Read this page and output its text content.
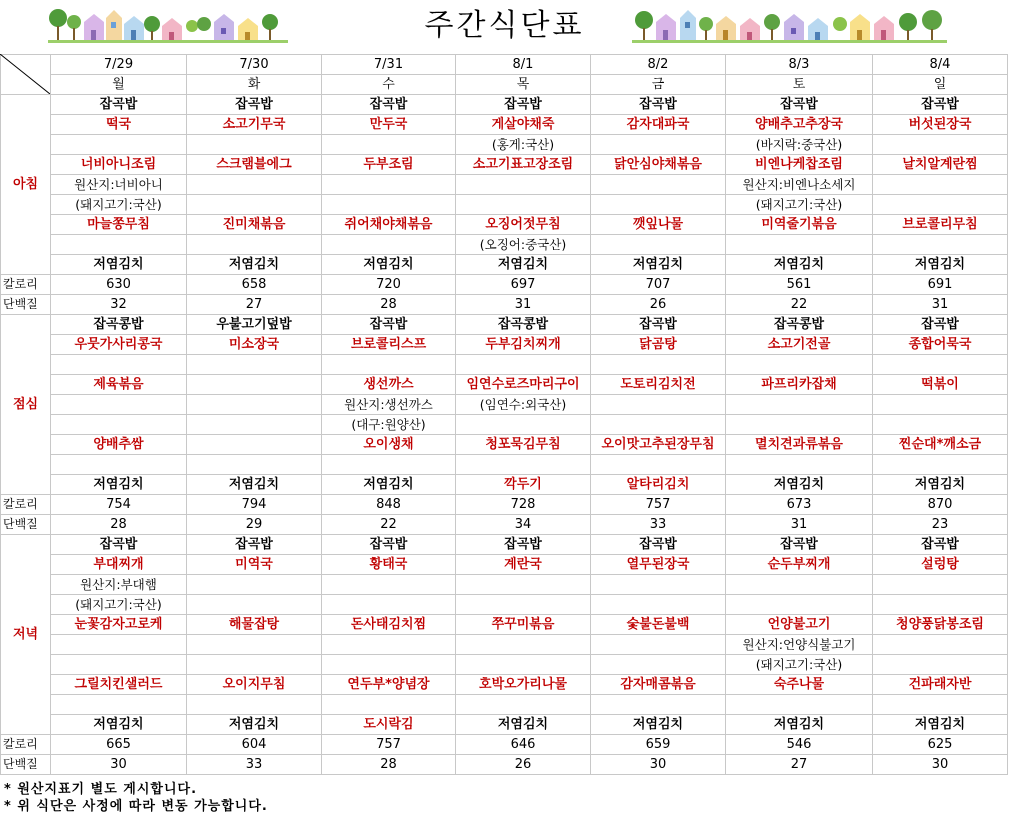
주간식단표
	7/29	7/30	7/31	8/1	8/2	8/3	8/4
	월	화	수	목	금	토	일
아침	잡곡밥	잡곡밥	잡곡밥	잡곡밥	잡곡밥	잡곡밥	잡곡밥
	떡국	소고기무국	만두국	게살야채죽	감자대파국	양배추고추장국	버섯된장국
				(홍게:국산)		(바지락:중국산)	
	너비아니조림	스크램블에그	두부조림	소고기표고장조림	닭안심야채볶음	비엔나케찹조림	날치알계란찜
	원산지:너비아니					원산지:비엔나소세지	
	(돼지고기:국산)					(돼지고기:국산)	
	마늘쫑무침	진미채볶음	쥐어채야채볶음	오징어젓무침	깻잎나물	미역줄기볶음	브로콜리무침
				(오징어:중국산)			
	저염김치	저염김치	저염김치	저염김치	저염김치	저염김치	저염김치
칼로리	630	658	720	697	707	561	691
단백질	32	27	28	31	26	22	31
점심	잡곡콩밥	우불고기덮밥	잡곡밥	잡곡콩밥	잡곡밥	잡곡콩밥	잡곡밥
	우뭇가사리콩국	미소장국	브로콜리스프	두부김치찌개	닭곰탕	소고기전골	종합어묵국

	제육볶음		생선까스	임연수로즈마리구이	도토리김치전	파프리카잡채	떡볶이
			원산지:생선까스	(임연수:외국산)			
			(대구:원양산)				
	양배추쌈		오이생채	청포묵김무침	오이맛고추된장무침	멸치견과류볶음	찐순대*깨소금

	저염김치	저염김치	저염김치	깍두기	알타리김치	저염김치	저염김치
칼로리	754	794	848	728	757	673	870
단백질	28	29	22	34	33	31	23
저녁	잡곡밥	잡곡밥	잡곡밥	잡곡밥	잡곡밥	잡곡밥	잡곡밥
	부대찌개	미역국	황태국	계란국	열무된장국	순두부찌개	설렁탕
	원산지:부대햄						
	(돼지고기:국산)						
	눈꽃감자고로케	해물잡탕	돈사태김치찜	쭈꾸미볶음	숯불돈불백	언양불고기	청양풍닭봉조림
						원산지:언양식불고기	
						(돼지고기:국산)	
	그릴치킨샐러드	오이지무침	연두부*양념장	호박오가리나물	감자매콤볶음	숙주나물	건파래자반

	저염김치	저염김치	도시락김	저염김치	저염김치	저염김치	저염김치
칼로리	665	604	757	646	659	546	625
단백질	30	33	28	26	30	27	30
* 원산지표기 별도 게시합니다.
* 위 식단은 사정에 따라 변동 가능합니다.
